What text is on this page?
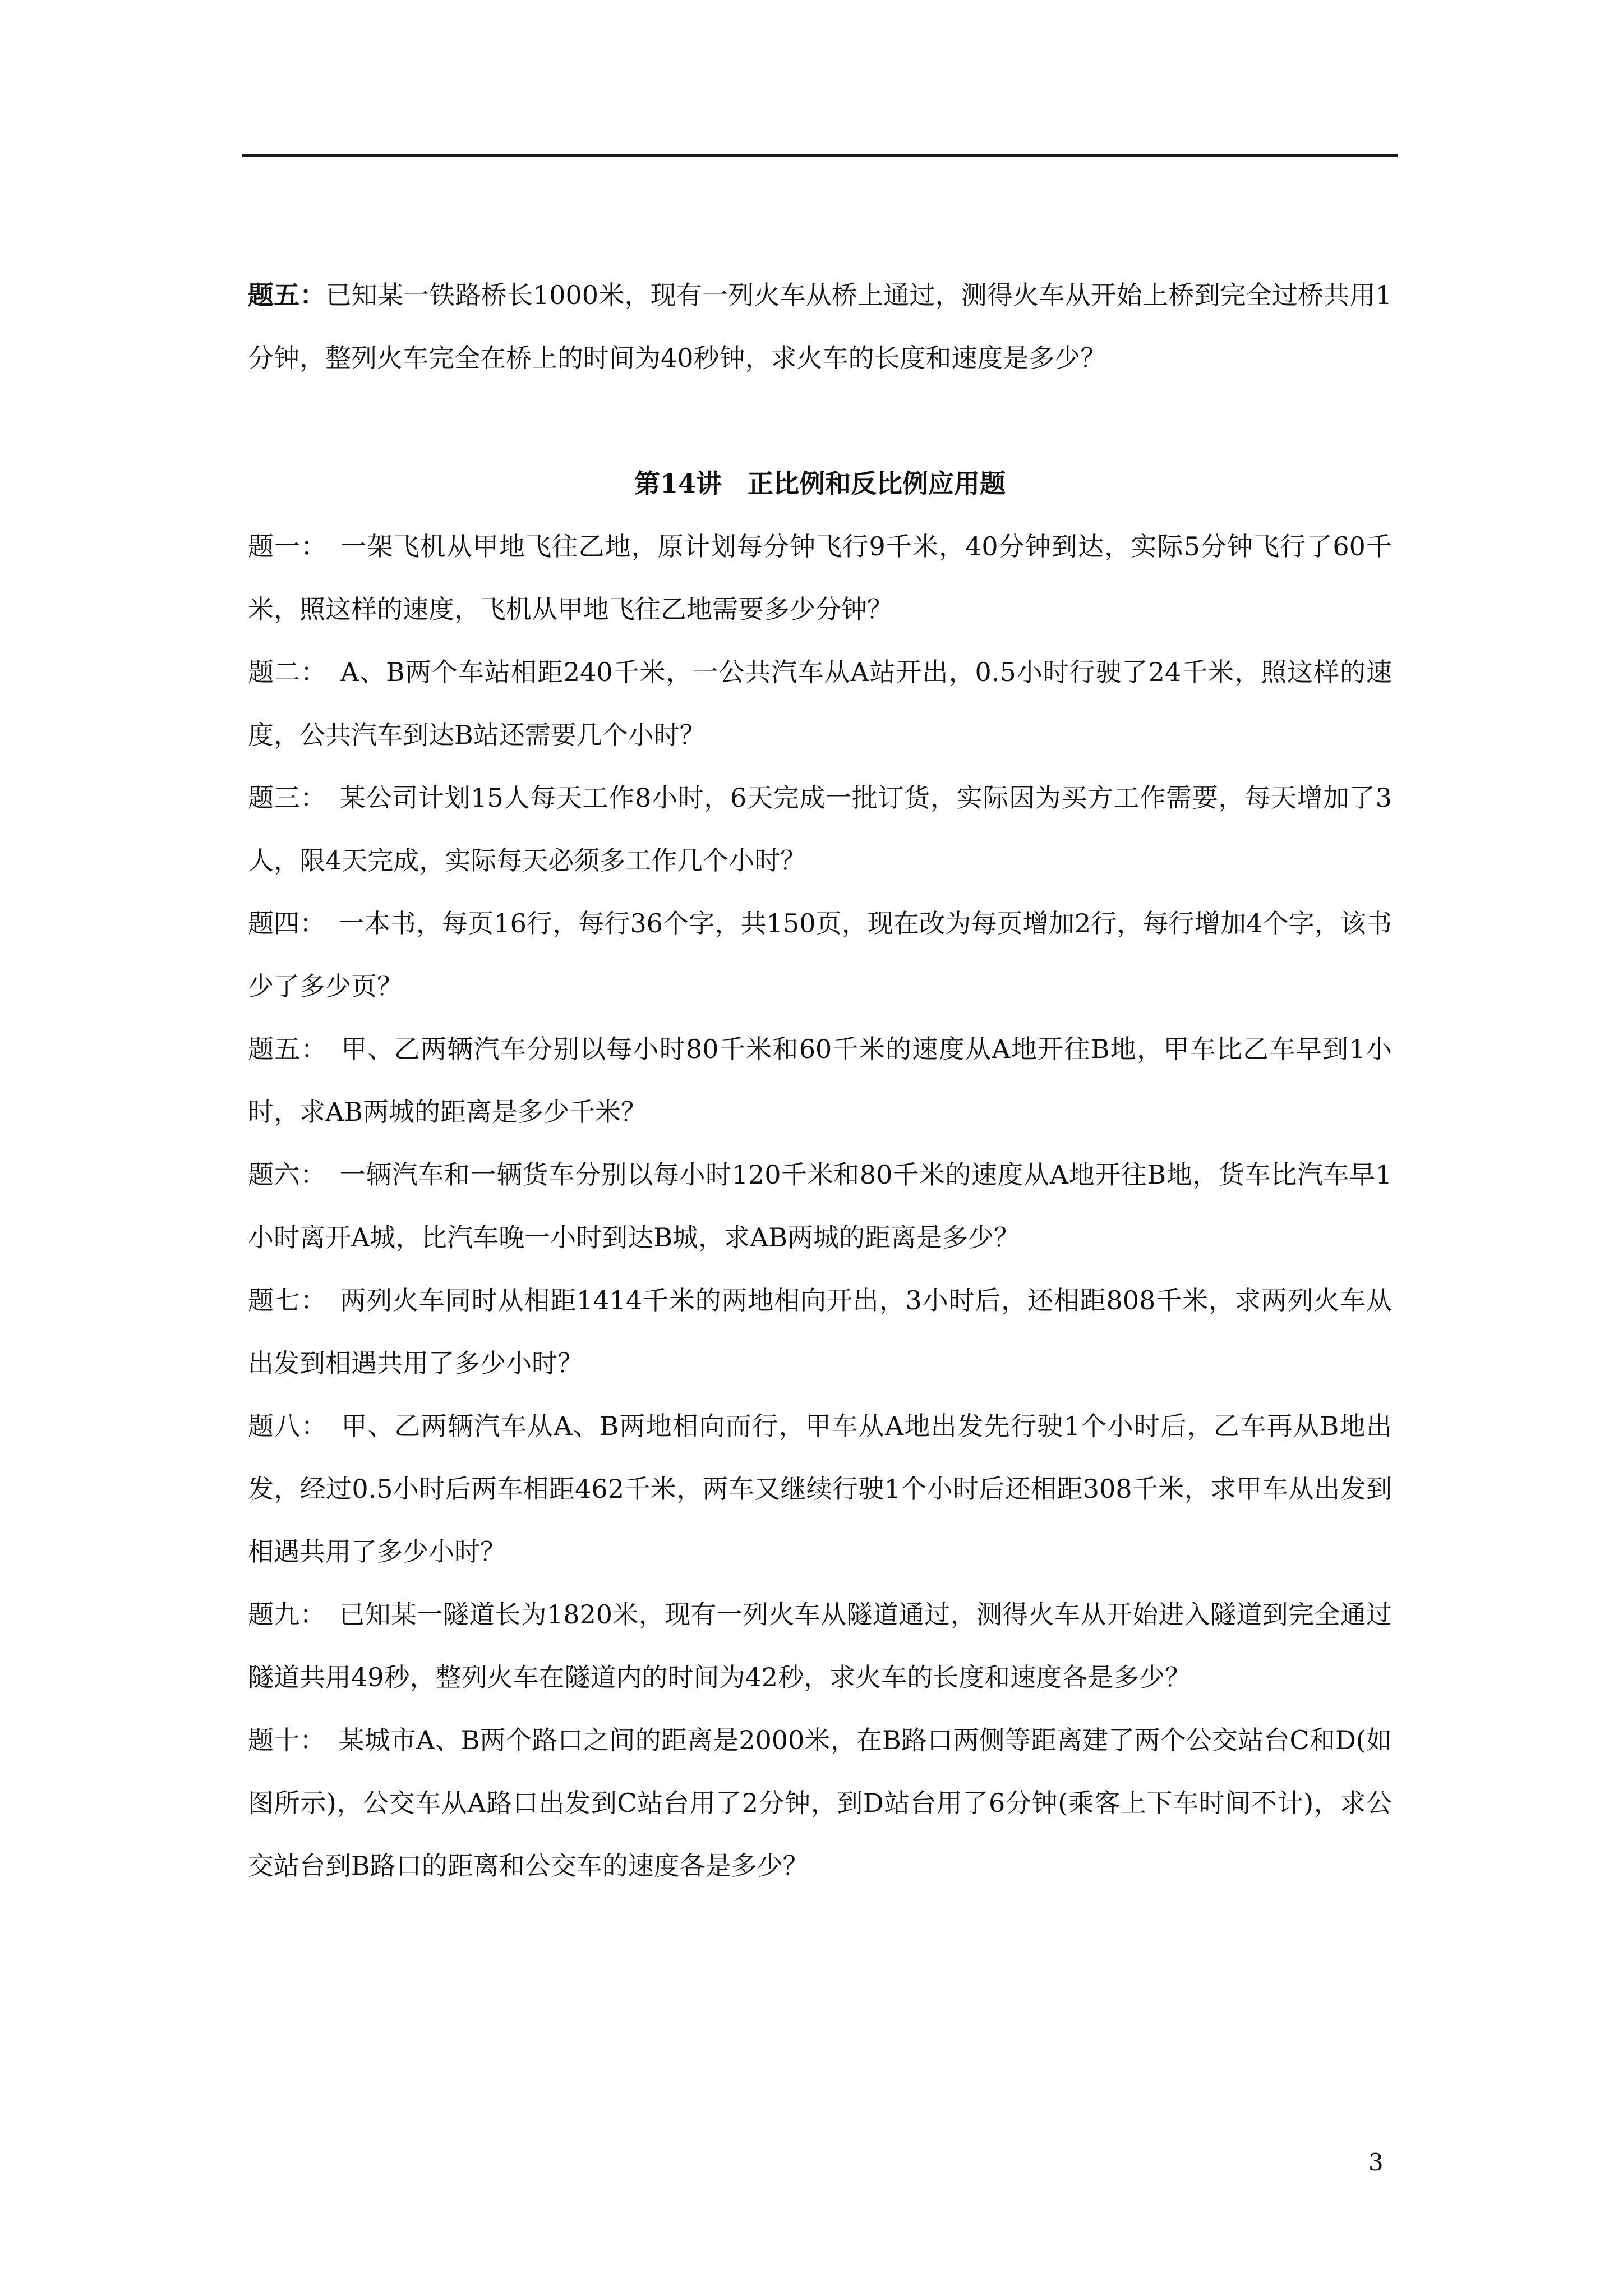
题五：已知某一铁路桥长1000米，现有一列火车从桥上通过，测得火车从开始上桥到完全过桥共用1分钟，整列火车完全在桥上的时间为40秒钟，求火车的长度和速度是多少？

第14讲　正比例和反比例应用题

题一：　一架飞机从甲地飞往乙地，原计划每分钟飞行9千米，40分钟到达，实际5分钟飞行了60千米，照这样的速度，飞机从甲地飞往乙地需要多少分钟？

题二：　A、B两个车站相距240千米，一公共汽车从A站开出，0.5小时行驶了24千米，照这样的速度，公共汽车到达B站还需要几个小时？

题三：　某公司计划15人每天工作8小时，6天完成一批订货，实际因为买方工作需要，每天增加了3人，限4天完成，实际每天必须多工作几个小时？

题四：　一本书，每页16行，每行36个字，共150页，现在改为每页增加2行，每行增加4个字，该书少了多少页？

题五：　甲、乙两辆汽车分别以每小时80千米和60千米的速度从A地开往B地，甲车比乙车早到1小时，求AB两城的距离是多少千米？

题六：　一辆汽车和一辆货车分别以每小时120千米和80千米的速度从A地开往B地，货车比汽车早1小时离开A城，比汽车晚一小时到达B城，求AB两城的距离是多少？

题七：　两列火车同时从相距1414千米的两地相向开出，3小时后，还相距808千米，求两列火车从出发到相遇共用了多少小时？

题八：　甲、乙两辆汽车从A、B两地相向而行，甲车从A地出发先行驶1个小时后，乙车再从B地出发，经过0.5小时后两车相距462千米，两车又继续行驶1个小时后还相距308千米，求甲车从出发到相遇共用了多少小时？

题九：　已知某一隧道长为1820米，现有一列火车从隧道通过，测得火车从开始进入隧道到完全通过隧道共用49秒，整列火车在隧道内的时间为42秒，求火车的长度和速度各是多少？

题十：　某城市A、B两个路口之间的距离是2000米，在B路口两侧等距离建了两个公交站台C和D(如图所示)，公交车从A路口出发到C站台用了2分钟，到D站台用了6分钟(乘客上下车时间不计)，求公交站台到B路口的距离和公交车的速度各是多少？

3
